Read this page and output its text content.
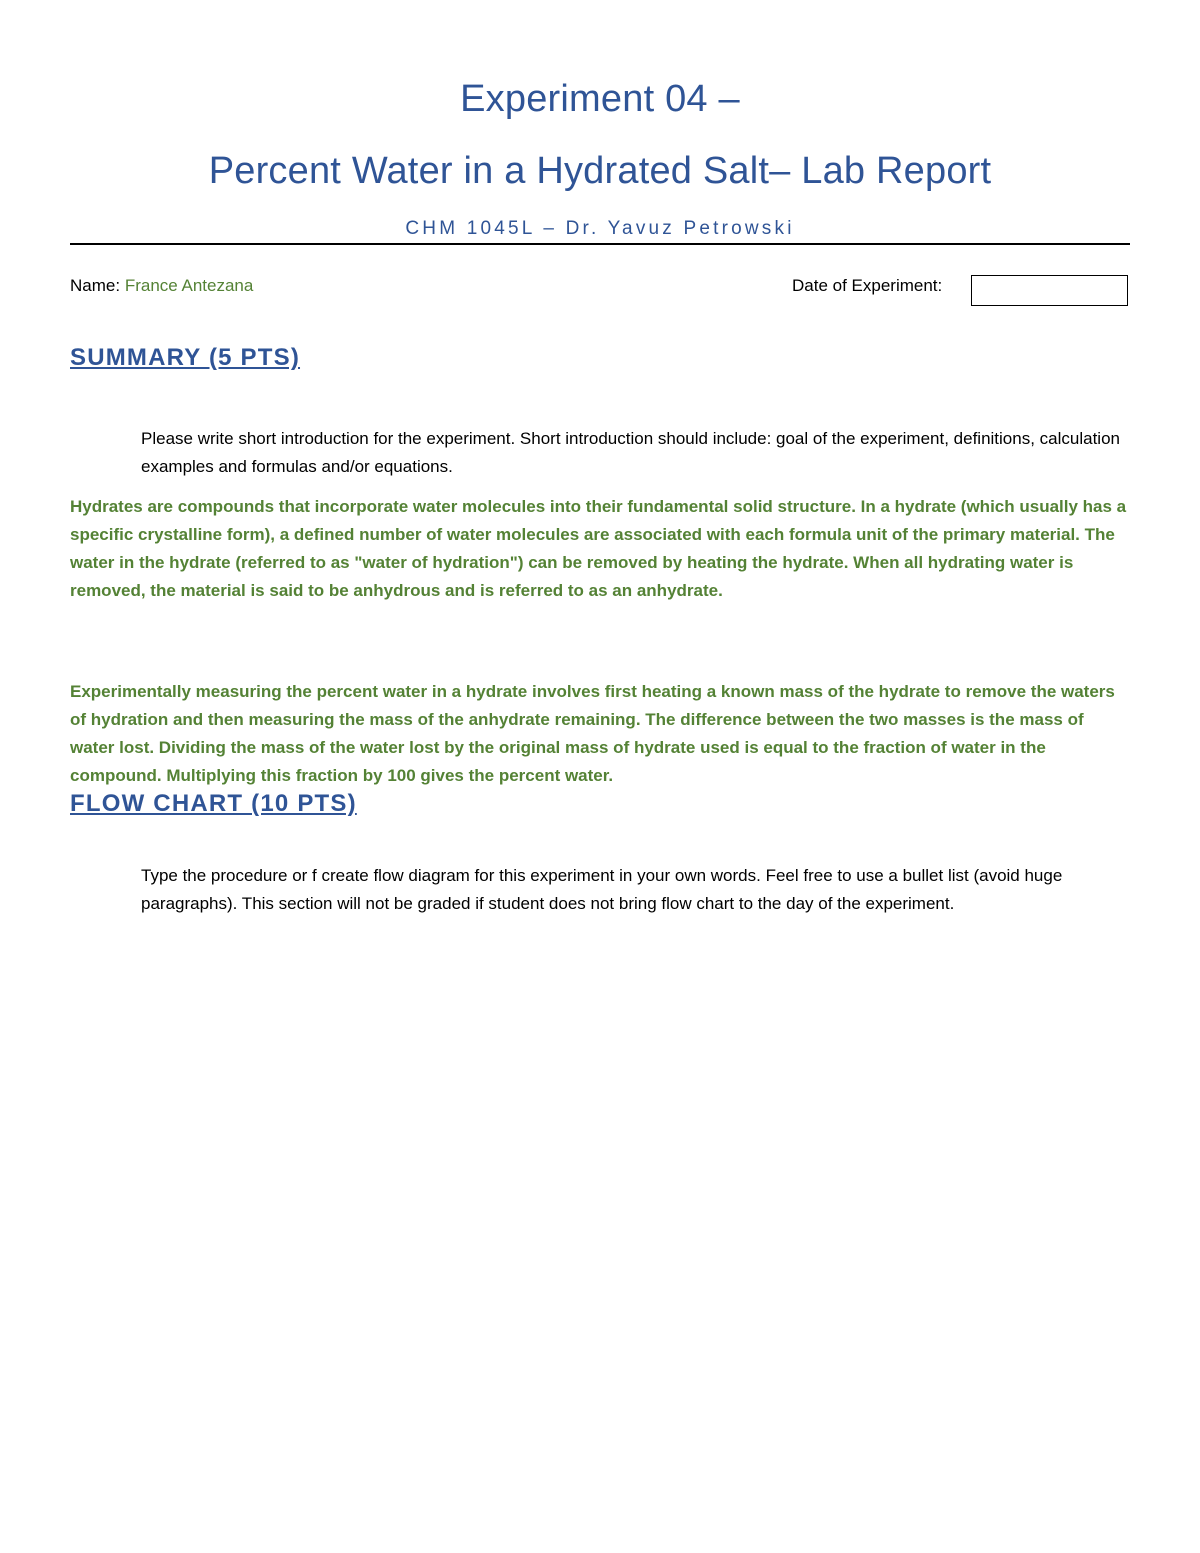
Experiment 04 –
Percent Water in a Hydrated Salt– Lab Report
CHM 1045L – Dr. Yavuz Petrowski
Name: France Antezana	Date of Experiment:
SUMMARY (5 PTS)
Please write short introduction for the experiment. Short introduction should include: goal of the experiment, definitions, calculation examples and formulas and/or equations.
Hydrates are compounds that incorporate water molecules into their fundamental solid structure. In a hydrate (which usually has a specific crystalline form), a defined number of water molecules are associated with each formula unit of the primary material. The water in the hydrate (referred to as "water of hydration") can be removed by heating the hydrate. When all hydrating water is removed, the material is said to be anhydrous and is referred to as an anhydrate.
Experimentally measuring the percent water in a hydrate involves first heating a known mass of the hydrate to remove the waters of hydration and then measuring the mass of the anhydrate remaining. The difference between the two masses is the mass of water lost. Dividing the mass of the water lost by the original mass of hydrate used is equal to the fraction of water in the compound. Multiplying this fraction by 100 gives the percent water.
FLOW CHART (10 PTS)
Type the procedure or f create flow diagram for this experiment in your own words. Feel free to use a bullet list (avoid huge paragraphs). This section will not be graded if student does not bring flow chart to the day of the experiment.
